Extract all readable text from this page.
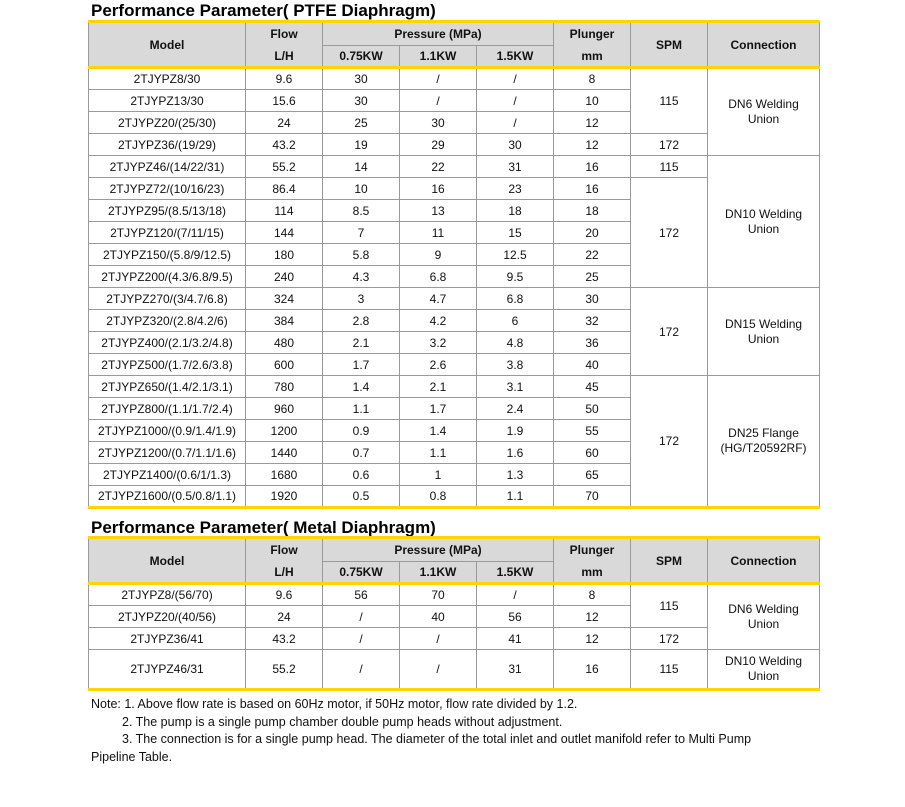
Performance Parameter( PTFE Diaphragm)
Model	Flow	Pressure (MPa)			Plunger	SPM	Connection
	L/H	0.75KW	1.1KW	1.5KW	mm		
2TJYPZ8/30	9.6	30	/	/	8	115	DN6 Welding Union
2TJYPZ13/30	15.6	30	/	/	10		
2TJYPZ20/(25/30)	24	25	30	/	12		
2TJYPZ36/(19/29)	43.2	19	29	30	12	172	
2TJYPZ46/(14/22/31)	55.2	14	22	31	16	115	DN10 Welding Union
2TJYPZ72/(10/16/23)	86.4	10	16	23	16	172	
2TJYPZ95/(8.5/13/18)	114	8.5	13	18	18		
2TJYPZ120/(7/11/15)	144	7	11	15	20		
2TJYPZ150/(5.8/9/12.5)	180	5.8	9	12.5	22		
2TJYPZ200/(4.3/6.8/9.5)	240	4.3	6.8	9.5	25		
2TJYPZ270/(3/4.7/6.8)	324	3	4.7	6.8	30	172	DN15 Welding Union
2TJYPZ320/(2.8/4.2/6)	384	2.8	4.2	6	32		
2TJYPZ400/(2.1/3.2/4.8)	480	2.1	3.2	4.8	36		
2TJYPZ500/(1.7/2.6/3.8)	600	1.7	2.6	3.8	40		
2TJYPZ650/(1.4/2.1/3.1)	780	1.4	2.1	3.1	45	172	DN25 Flange (HG/T20592RF)
2TJYPZ800/(1.1/1.7/2.4)	960	1.1	1.7	2.4	50		
2TJYPZ1000/(0.9/1.4/1.9)	1200	0.9	1.4	1.9	55		
2TJYPZ1200/(0.7/1.1/1.6)	1440	0.7	1.1	1.6	60		
2TJYPZ1400/(0.6/1/1.3)	1680	0.6	1	1.3	65		
2TJYPZ1600/(0.5/0.8/1.1)	1920	0.5	0.8	1.1	70		
Performance Parameter( Metal Diaphragm)
Model	Flow	Pressure (MPa)			Plunger	SPM	Connection
	L/H	0.75KW	1.1KW	1.5KW	mm		
2TJYPZ8/(56/70)	9.6	56	70	/	8	115	DN6 Welding Union
2TJYPZ20/(40/56)	24	/	40	56	12		
2TJYPZ36/41	43.2	/	/	41	12	172	
2TJYPZ46/31	55.2	/	/	31	16	115	DN10 Welding Union
Note: 1. Above flow rate is based on 60Hz motor, if 50Hz motor, flow rate divided by 1.2.
2. The pump is a single pump chamber double pump heads without adjustment.
3. The connection is for a single pump head. The diameter of the total inlet and outlet manifold refer to Multi Pump
Pipeline Table.
